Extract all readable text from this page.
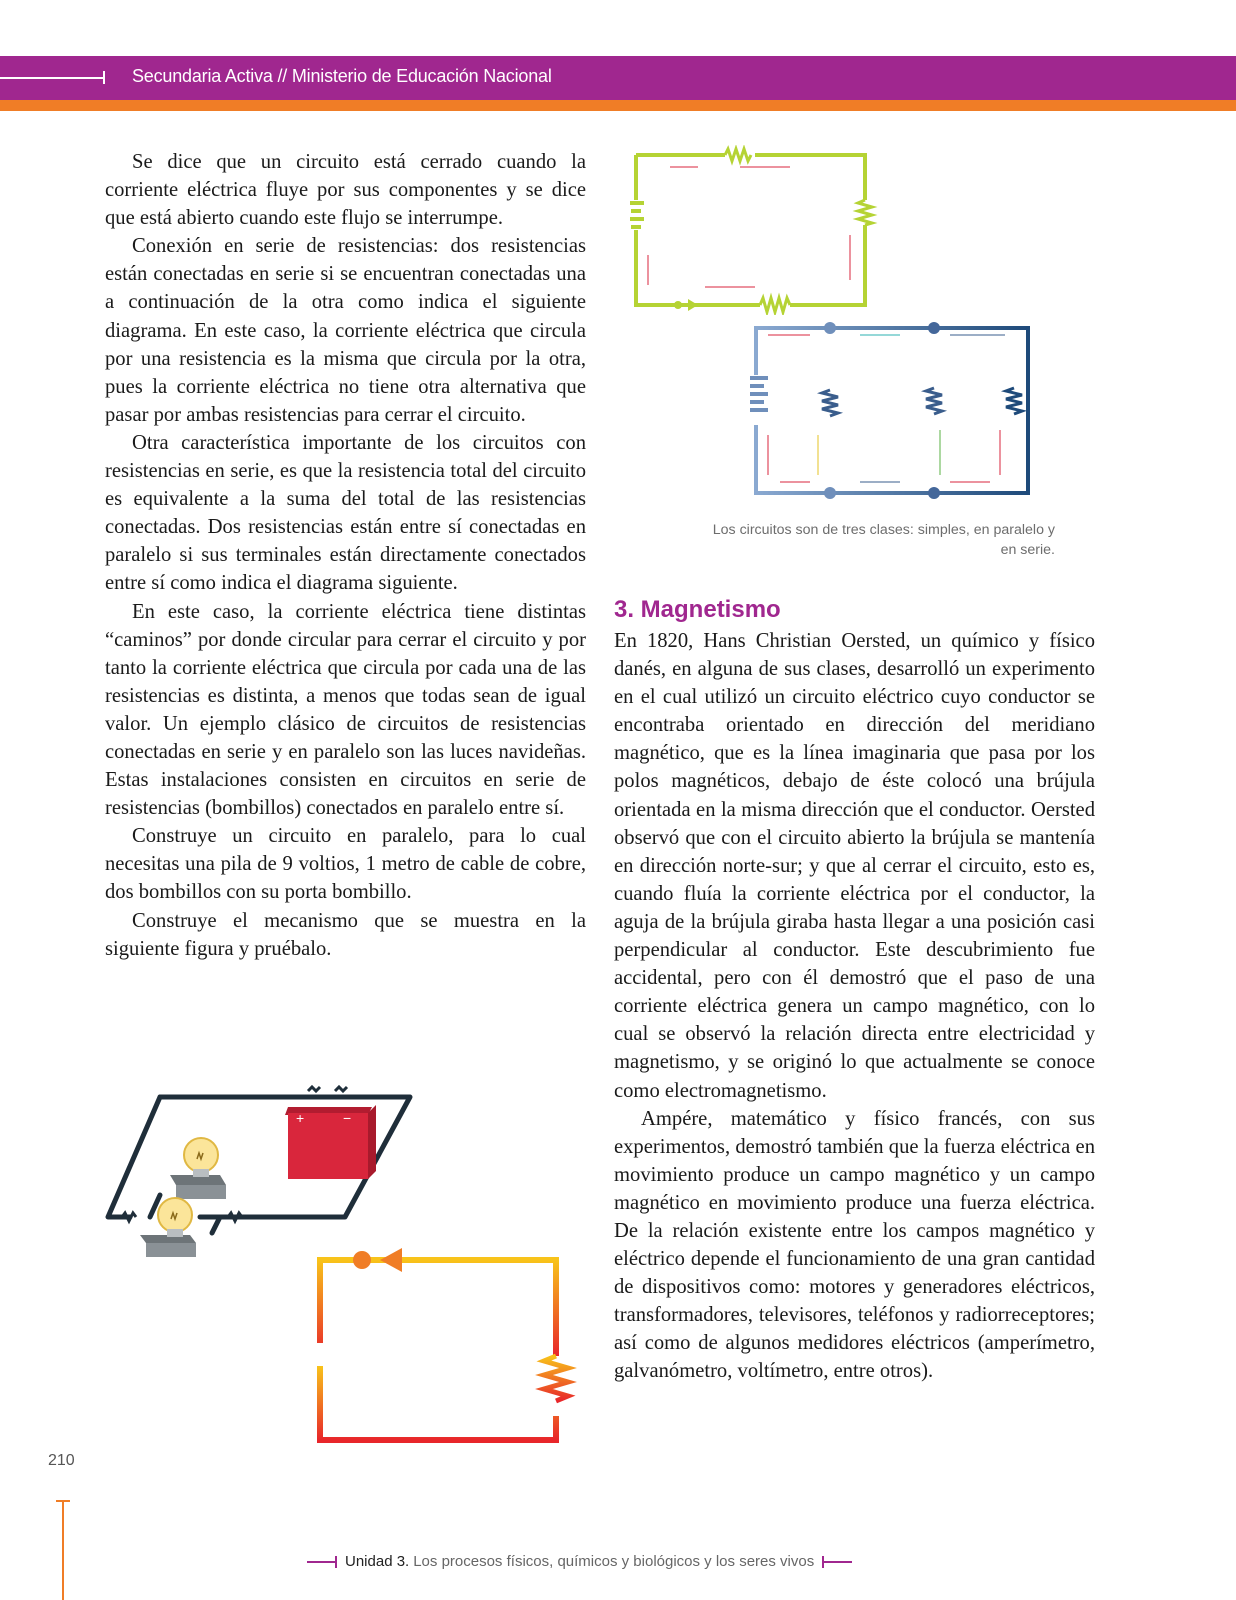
Secundaria Activa // Ministerio de Educación Nacional

Se dice que un circuito está cerrado cuando la corriente eléctrica fluye por sus componentes y se dice que está abierto cuando este flujo se interrumpe.

Conexión en serie de resistencias: dos resistencias están conectadas en serie si se encuentran conectadas una a continuación de la otra como indica el siguiente diagrama. En este caso, la corriente eléctrica que circula por una resistencia es la misma que circula por la otra, pues la corriente eléctrica no tiene otra alternativa que pasar por ambas resistencias para cerrar el circuito.

Otra característica importante de los circuitos con resistencias en serie, es que la resistencia total del circuito es equivalente a la suma del total de las resistencias conectadas. Dos resistencias están entre sí conectadas en paralelo si sus terminales están directamente conectados entre sí como indica el diagrama siguiente.

En este caso, la corriente eléctrica tiene distintas “caminos” por donde circular para cerrar el circuito y por tanto la corriente eléctrica que circula por cada una de las resistencias es distinta, a menos que todas sean de igual valor. Un ejemplo clásico de circuitos de resistencias conectadas en serie y en paralelo son las luces navideñas. Estas instalaciones consisten en circuitos en serie de resistencias (bombillos) conectados en paralelo entre sí.

Construye un circuito en paralelo, para lo cual necesitas una pila de 9 voltios, 1 metro de cable de cobre, dos bombillos con su porta bombillo.

Construye el mecanismo que se muestra en la siguiente figura y pruébalo.

Los circuitos son de tres clases: simples, en paralelo y en serie.
+	−
3. Magnetismo

En 1820, Hans Christian Oersted, un químico y físico danés, en alguna de sus clases, desarrolló un experimento en el cual utilizó un circuito eléctrico cuyo conductor se encontraba orientado en dirección del meridiano magnético, que es la línea imaginaria que pasa por los polos magnéticos, debajo de éste colocó una brújula orientada en la misma dirección que el conductor. Oersted observó que con el circuito abierto la brújula se mantenía en dirección norte-sur; y que al cerrar el circuito, esto es, cuando fluía la corriente eléctrica por el conductor, la aguja de la brújula giraba hasta llegar a una posición casi perpendicular al conductor. Este descubrimiento fue accidental, pero con él demostró que el paso de una corriente eléctrica genera un campo magnético, con lo cual se observó la relación directa entre electricidad y magnetismo, y se originó lo que actualmente se conoce como electromagnetismo.

Ampére, matemático y físico francés, con sus experimentos, demostró también que la fuerza eléctrica en movimiento produce un campo magnético y un campo magnético en movimiento produce una fuerza eléctrica. De la relación existente entre los campos magnético y eléctrico depende el funcionamiento de una gran cantidad de dispositivos como: motores y generadores eléctricos, transformadores, televisores, teléfonos y radiorreceptores; así como de algunos medidores eléctricos (amperímetro, galvanómetro, voltímetro, entre otros).

210
Unidad 3. Los procesos físicos, químicos y biológicos y los seres vivos
